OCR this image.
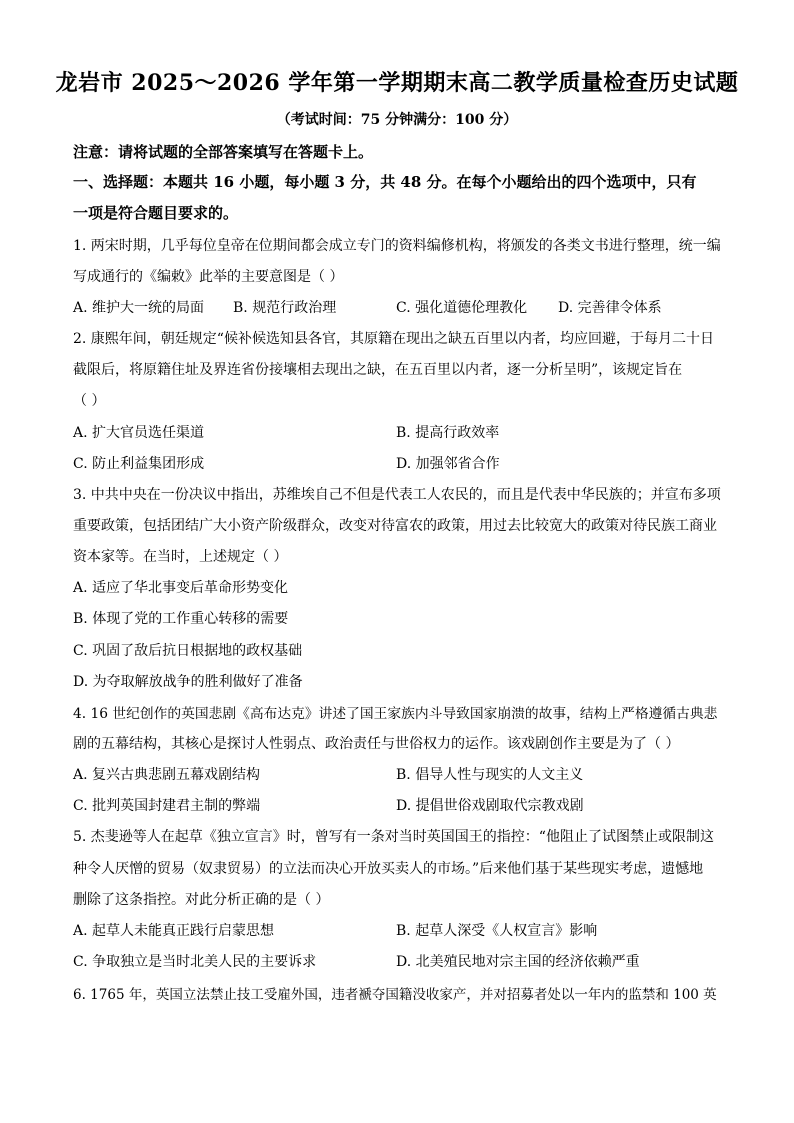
龙岩市 2025～2026 学年第一学期期末高二教学质量检查历史试题
（考试时间：75 分钟满分：100 分）
注意：请将试题的全部答案填写在答题卡上。
一、选择题：本题共 16 小题，每小题 3 分，共 48 分。在每个小题给出的四个选项中，只有
一项是符合题目要求的。
1. 两宋时期，几乎每位皇帝在位期间都会成立专门的资料编修机构，将颁发的各类文书进行整理，统一编
写成通行的《编敕》此举的主要意图是（ ）
A. 维护大一统的局面 B. 规范行政治理	C. 强化道德伦理教化 D. 完善律令体系
2. 康熙年间，朝廷规定“候补候选知县各官，其原籍在现出之缺五百里以内者，均应回避，于每月二十日
截限后，将原籍住址及界连省份接壤相去现出之缺，在五百里以内者，逐一分析呈明”，该规定旨在
（ ）
A. 扩大官员选任渠道	B. 提高行政效率
C. 防止利益集团形成	D. 加强邻省合作
3. 中共中央在一份决议中指出，苏维埃自己不但是代表工人农民的，而且是代表中华民族的；并宣布多项
重要政策，包括团结广大小资产阶级群众，改变对待富农的政策，用过去比较宽大的政策对待民族工商业
资本家等。在当时，上述规定（ ）
A. 适应了华北事变后革命形势变化
B. 体现了党的工作重心转移的需要
C. 巩固了敌后抗日根据地的政权基础
D. 为夺取解放战争的胜利做好了准备
4. 16 世纪创作的英国悲剧《高布达克》讲述了国王家族内斗导致国家崩溃的故事，结构上严格遵循古典悲
剧的五幕结构，其核心是探讨人性弱点、政治责任与世俗权力的运作。该戏剧创作主要是为了（ ）
A. 复兴古典悲剧五幕戏剧结构	B. 倡导人性与现实的人文主义
C. 批判英国封建君主制的弊端	D. 提倡世俗戏剧取代宗教戏剧
5. 杰斐逊等人在起草《独立宣言》时，曾写有一条对当时英国国王的指控：“他阻止了试图禁止或限制这
种令人厌憎的贸易（奴隶贸易）的立法而决心开放买卖人的市场。”后来他们基于某些现实考虑，遗憾地
删除了这条指控。对此分析正确的是（ ）
A. 起草人未能真正践行启蒙思想	B. 起草人深受《人权宣言》影响
C. 争取独立是当时北美人民的主要诉求	D. 北美殖民地对宗主国的经济依赖严重
6. 1765 年，英国立法禁止技工受雇外国，违者褫夺国籍没收家产，并对招募者处以一年内的监禁和 100 英
